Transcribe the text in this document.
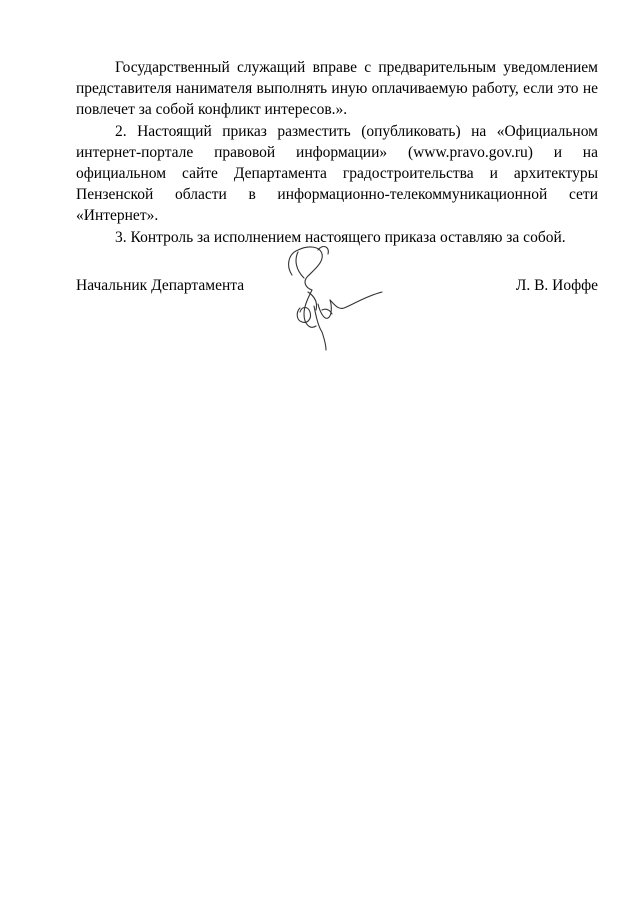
Государственный служащий вправе с предварительным уведомлением представителя нанимателя выполнять иную оплачиваемую работу, если это не повлечет за собой конфликт интересов.».

2. Настоящий приказ разместить (опубликовать) на «Официальном интернет-портале правовой информации» (www.pravo.gov.ru) и на официальном сайте Департамента градостроительства и архитектуры Пензенской области в информационно-телекоммуникационной сети «Интернет».

3. Контроль за исполнением настоящего приказа оставляю за собой.

Начальник Департамента	Л. В. Иоффе
